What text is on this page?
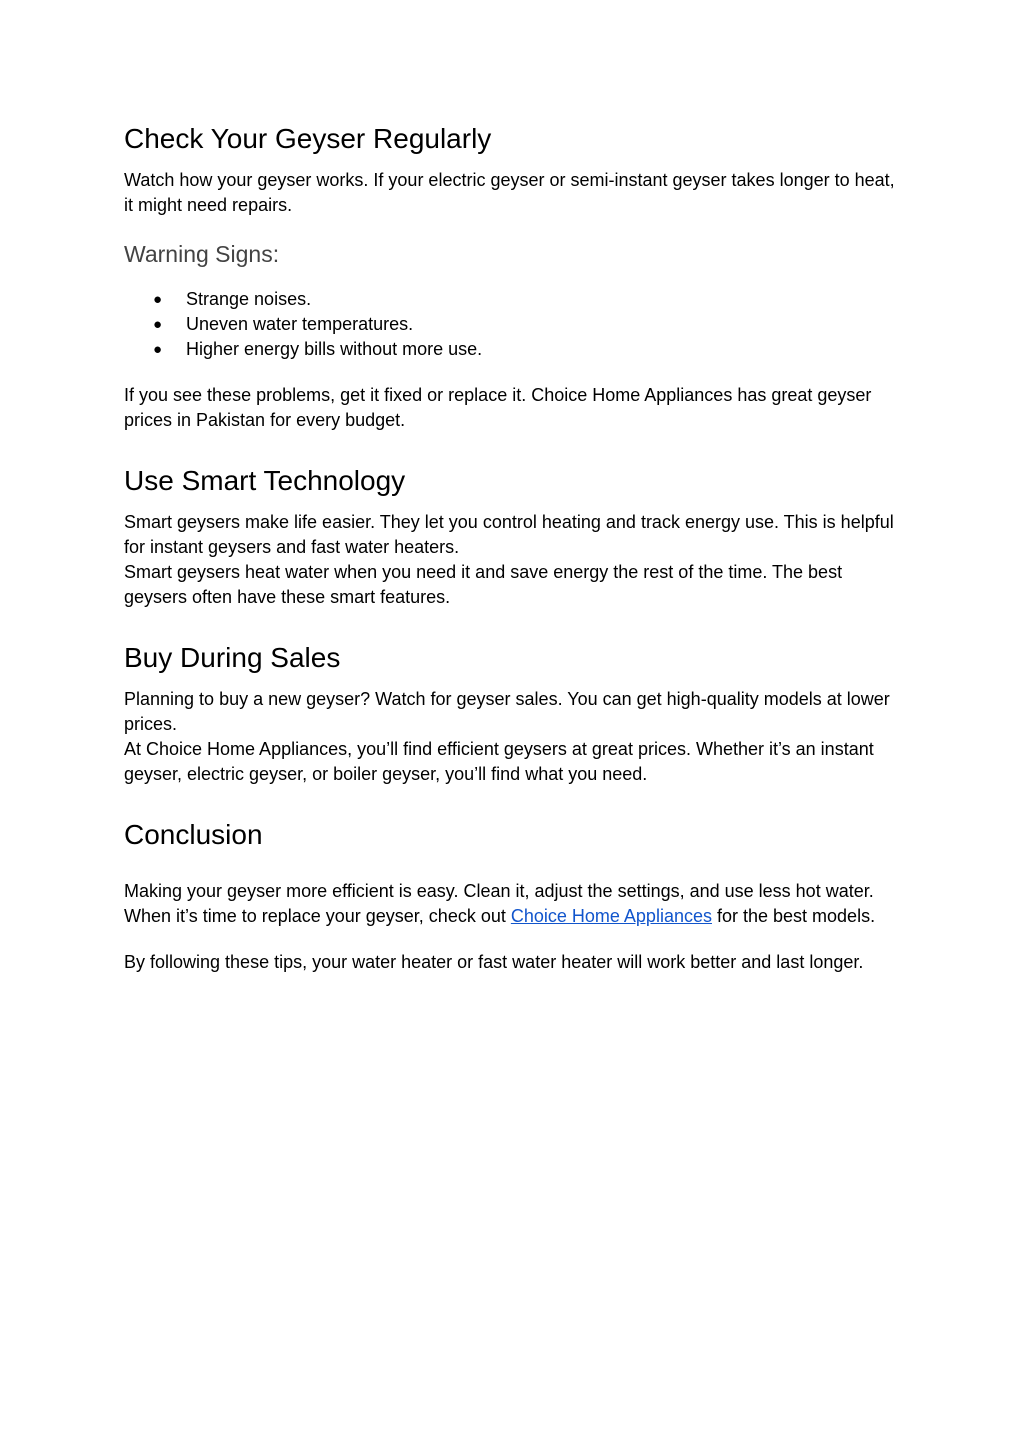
Check Your Geyser Regularly

Watch how your geyser works. If your electric geyser or semi-instant geyser takes longer to heat, it might need repairs.

Warning Signs:
● Strange noises.
● Uneven water temperatures.
● Higher energy bills without more use.

If you see these problems, get it fixed or replace it. Choice Home Appliances has great geyser prices in Pakistan for every budget.

Use Smart Technology

Smart geysers make life easier. They let you control heating and track energy use. This is helpful for instant geysers and fast water heaters.

Smart geysers heat water when you need it and save energy the rest of the time. The best geysers often have these smart features.

Buy During Sales

Planning to buy a new geyser? Watch for geyser sales. You can get high-quality models at lower prices.

At Choice Home Appliances, you’ll find efficient geysers at great prices. Whether it’s an instant geyser, electric geyser, or boiler geyser, you’ll find what you need.

Conclusion

Making your geyser more efficient is easy. Clean it, adjust the settings, and use less hot water. When it’s time to replace your geyser, check out Choice Home Appliances for the best models.

By following these tips, your water heater or fast water heater will work better and last longer.
